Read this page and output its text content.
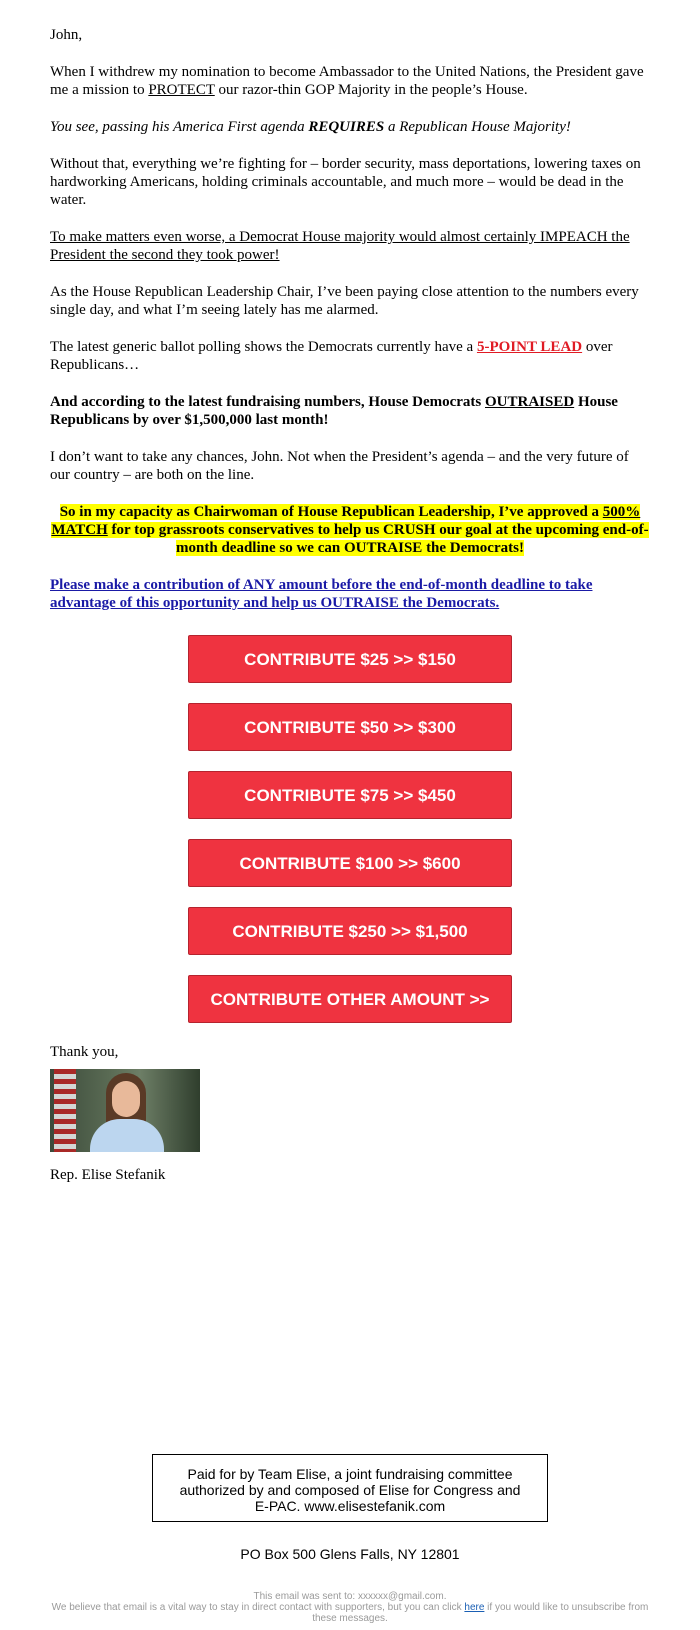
John,

When I withdrew my nomination to become Ambassador to the United Nations, the President gave me a mission to PROTECT our razor-thin GOP Majority in the people’s House.

You see, passing his America First agenda REQUIRES a Republican House Majority!

Without that, everything we’re fighting for – border security, mass deportations, lowering taxes on hardworking Americans, holding criminals accountable, and much more – would be dead in the water.

To make matters even worse, a Democrat House majority would almost certainly IMPEACH the President the second they took power!

As the House Republican Leadership Chair, I’ve been paying close attention to the numbers every single day, and what I’m seeing lately has me alarmed.

The latest generic ballot polling shows the Democrats currently have a 5-POINT LEAD over Republicans…

And according to the latest fundraising numbers, House Democrats OUTRAISED House Republicans by over $1,500,000 last month!

I don’t want to take any chances, John. Not when the President’s agenda – and the very future of our country – are both on the line.

So in my capacity as Chairwoman of House Republican Leadership, I’ve approved a 500% MATCH for top grassroots conservatives to help us CRUSH our goal at the upcoming end-of-month deadline so we can OUTRAISE the Democrats!

Please make a contribution of ANY amount before the end-of-month deadline to take advantage of this opportunity and help us OUTRAISE the Democrats.

CONTRIBUTE $25 >> $150
CONTRIBUTE $50 >> $300
CONTRIBUTE $75 >> $450
CONTRIBUTE $100 >> $600
CONTRIBUTE $250 >> $1,500
CONTRIBUTE OTHER AMOUNT >>

Thank you,

Rep. Elise Stefanik

Paid for by Team Elise, a joint fundraising committee authorized by and composed of Elise for Congress and E-PAC. www.elisestefanik.com
PO Box 500 Glens Falls, NY 12801
This email was sent to: xxxxxx@gmail.com.
We believe that email is a vital way to stay in direct contact with supporters, but you can click here if you would like to unsubscribe from these messages.
